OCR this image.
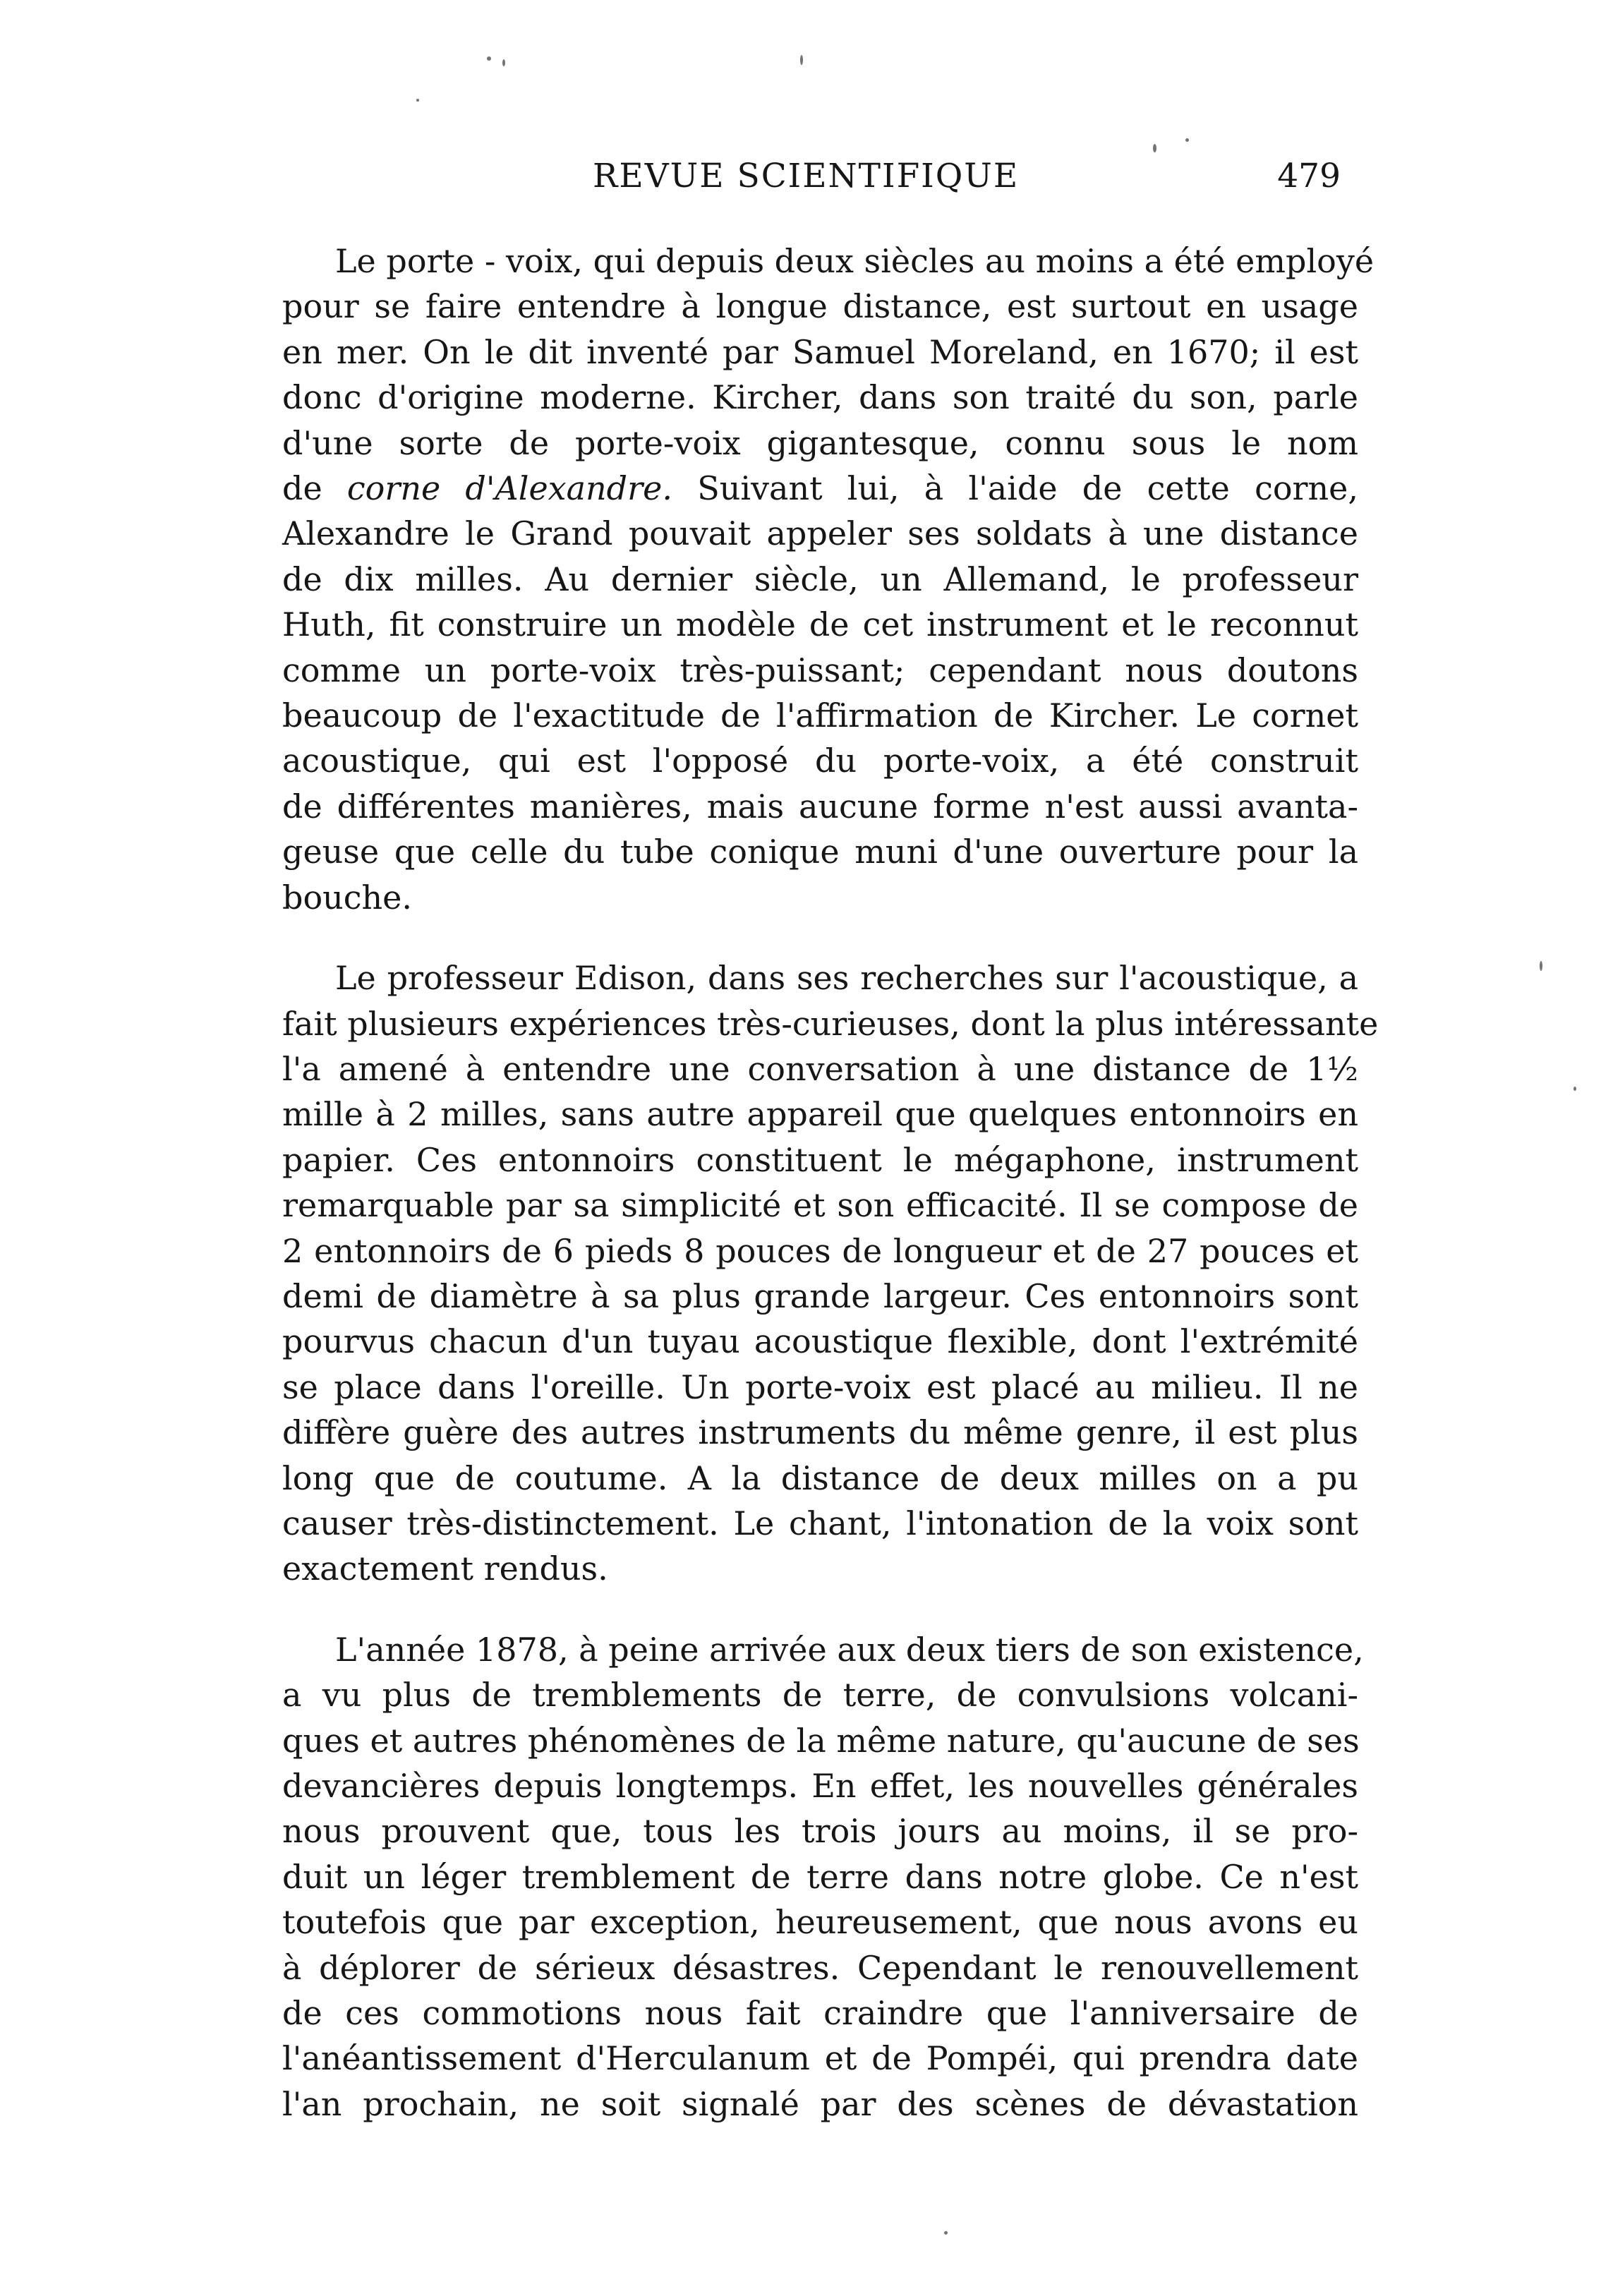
REVUE SCIENTIFIQUE	479

Le porte - voix, qui depuis deux siècles au moins a été employé
pour se faire entendre à longue distance, est surtout en usage
en mer. On le dit inventé par Samuel Moreland, en 1670; il est
donc d'origine moderne. Kircher, dans son traité du son, parle
d'une sorte de porte-voix gigantesque, connu sous le nom
de corne d'Alexandre. Suivant lui, à l'aide de cette corne,
Alexandre le Grand pouvait appeler ses soldats à une distance
de dix milles. Au dernier siècle, un Allemand, le professeur
Huth, fit construire un modèle de cet instrument et le reconnut
comme un porte-voix très-puissant; cependant nous doutons
beaucoup de l'exactitude de l'affirmation de Kircher. Le cornet
acoustique, qui est l'opposé du porte-voix, a été construit
de différentes manières, mais aucune forme n'est aussi avanta-
geuse que celle du tube conique muni d'une ouverture pour la
bouche.

Le professeur Edison, dans ses recherches sur l'acoustique, a
fait plusieurs expériences très-curieuses, dont la plus intéressante
l'a amené à entendre une conversation à une distance de 1½
mille à 2 milles, sans autre appareil que quelques entonnoirs en
papier. Ces entonnoirs constituent le mégaphone, instrument
remarquable par sa simplicité et son efficacité. Il se compose de
2 entonnoirs de 6 pieds 8 pouces de longueur et de 27 pouces et
demi de diamètre à sa plus grande largeur. Ces entonnoirs sont
pourvus chacun d'un tuyau acoustique flexible, dont l'extrémité
se place dans l'oreille. Un porte-voix est placé au milieu. Il ne
diffère guère des autres instruments du même genre, il est plus
long que de coutume. A la distance de deux milles on a pu
causer très-distinctement. Le chant, l'intonation de la voix sont
exactement rendus.

L'année 1878, à peine arrivée aux deux tiers de son existence,
a vu plus de tremblements de terre, de convulsions volcani-
ques et autres phénomènes de la même nature, qu'aucune de ses
devancières depuis longtemps. En effet, les nouvelles générales
nous prouvent que, tous les trois jours au moins, il se pro-
duit un léger tremblement de terre dans notre globe. Ce n'est
toutefois que par exception, heureusement, que nous avons eu
à déplorer de sérieux désastres. Cependant le renouvellement
de ces commotions nous fait craindre que l'anniversaire de
l'anéantissement d'Herculanum et de Pompéi, qui prendra date
l'an prochain, ne soit signalé par des scènes de dévastation
